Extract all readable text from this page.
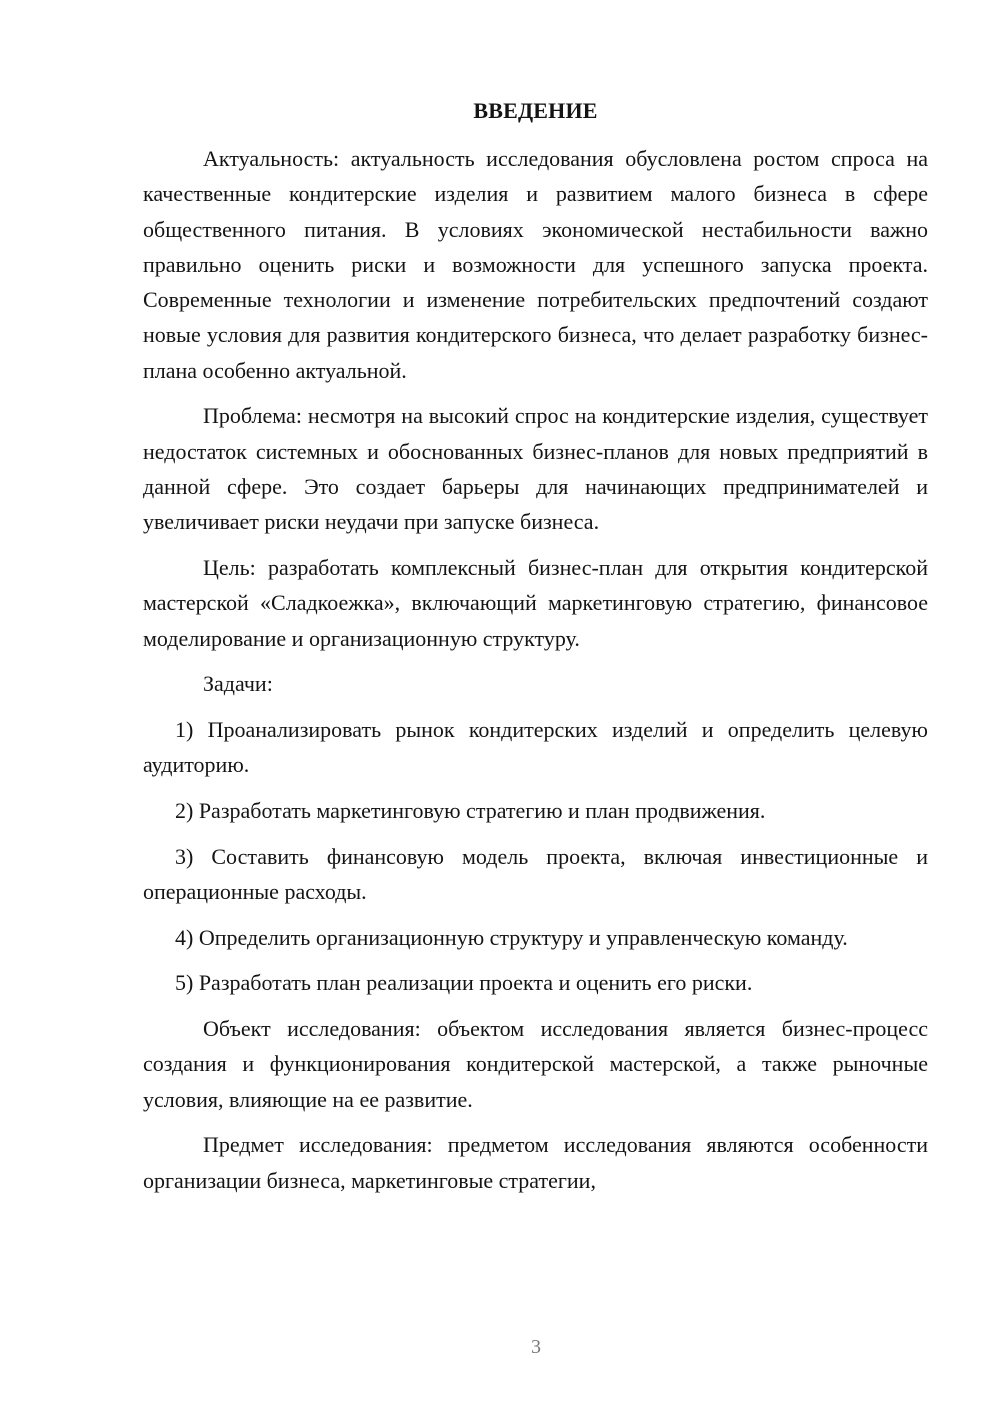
ВВЕДЕНИЕ

Актуальность: актуальность исследования обусловлена ростом спроса на качественные кондитерские изделия и развитием малого бизнеса в сфере общественного питания. В условиях экономической нестабильности важно правильно оценить риски и возможности для успешного запуска проекта. Современные технологии и изменение потребительских предпочтений создают новые условия для развития кондитерского бизнеса, что делает разработку бизнес-плана особенно актуальной.

Проблема: несмотря на высокий спрос на кондитерские изделия, существует недостаток системных и обоснованных бизнес-планов для новых предприятий в данной сфере. Это создает барьеры для начинающих предпринимателей и увеличивает риски неудачи при запуске бизнеса.

Цель: разработать комплексный бизнес-план для открытия кондитерской мастерской «Сладкоежка», включающий маркетинговую стратегию, финансовое моделирование и организационную структуру.

Задачи:

1) Проанализировать рынок кондитерских изделий и определить целевую аудиторию.

2) Разработать маркетинговую стратегию и план продвижения.

3) Составить финансовую модель проекта, включая инвестиционные и операционные расходы.

4) Определить организационную структуру и управленческую команду.

5) Разработать план реализации проекта и оценить его риски.

Объект исследования: объектом исследования является бизнес-процесс создания и функционирования кондитерской мастерской, а также рыночные условия, влияющие на ее развитие.

Предмет исследования: предметом исследования являются особенности организации бизнеса, маркетинговые стратегии,

3
